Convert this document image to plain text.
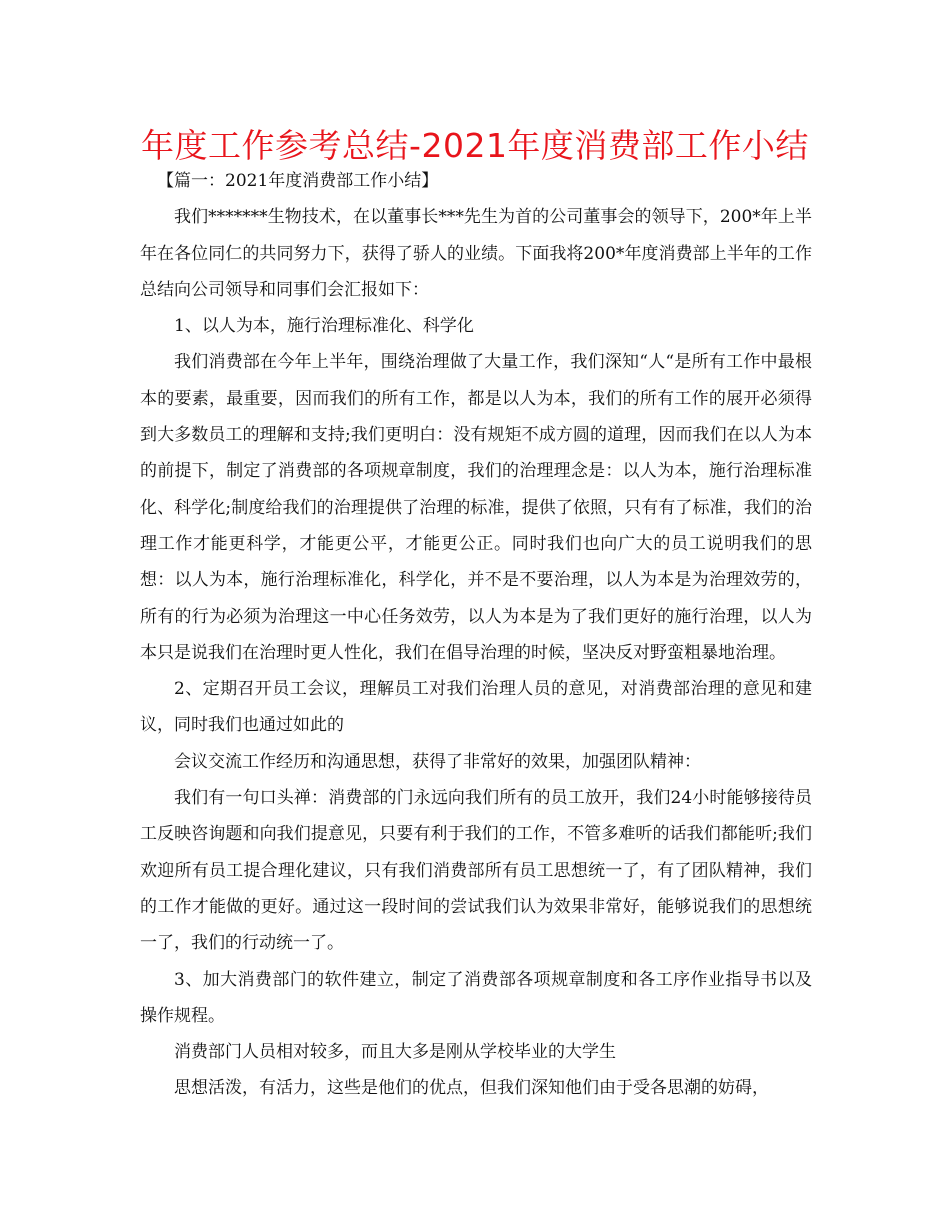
年度工作参考总结-2021年度消费部工作小结

【篇一：2021年度消费部工作小结】

我们*******生物技术，在以董事长***先生为首的公司董事会的领导下，200*年上半年在各位同仁的共同努力下，获得了骄人的业绩。下面我将200*年度消费部上半年的工作总结向公司领导和同事们会汇报如下：

1、以人为本，施行治理标准化、科学化

我们消费部在今年上半年，围绕治理做了大量工作，我们深知“人“是所有工作中最根本的要素，最重要，因而我们的所有工作，都是以人为本，我们的所有工作的展开必须得到大多数员工的理解和支持;我们更明白：没有规矩不成方圆的道理，因而我们在以人为本的前提下，制定了消费部的各项规章制度，我们的治理理念是：以人为本，施行治理标准化、科学化;制度给我们的治理提供了治理的标准，提供了依照，只有有了标准，我们的治理工作才能更科学，才能更公平，才能更公正。同时我们也向广大的员工说明我们的思想：以人为本，施行治理标准化，科学化，并不是不要治理，以人为本是为治理效劳的，所有的行为必须为治理这一中心任务效劳，以人为本是为了我们更好的施行治理，以人为本只是说我们在治理时更人性化，我们在倡导治理的时候，坚决反对野蛮粗暴地治理。

2、定期召开员工会议，理解员工对我们治理人员的意见，对消费部治理的意见和建议，同时我们也通过如此的

会议交流工作经历和沟通思想，获得了非常好的效果，加强团队精神：

我们有一句口头禅：消费部的门永远向我们所有的员工放开，我们24小时能够接待员工反映咨询题和向我们提意见，只要有利于我们的工作，不管多难听的话我们都能听;我们欢迎所有员工提合理化建议，只有我们消费部所有员工思想统一了，有了团队精神，我们的工作才能做的更好。通过这一段时间的尝试我们认为效果非常好，能够说我们的思想统一了，我们的行动统一了。

3、加大消费部门的软件建立，制定了消费部各项规章制度和各工序作业指导书以及操作规程。

消费部门人员相对较多，而且大多是刚从学校毕业的大学生

思想活泼，有活力，这些是他们的优点，但我们深知他们由于受各思潮的妨碍，
